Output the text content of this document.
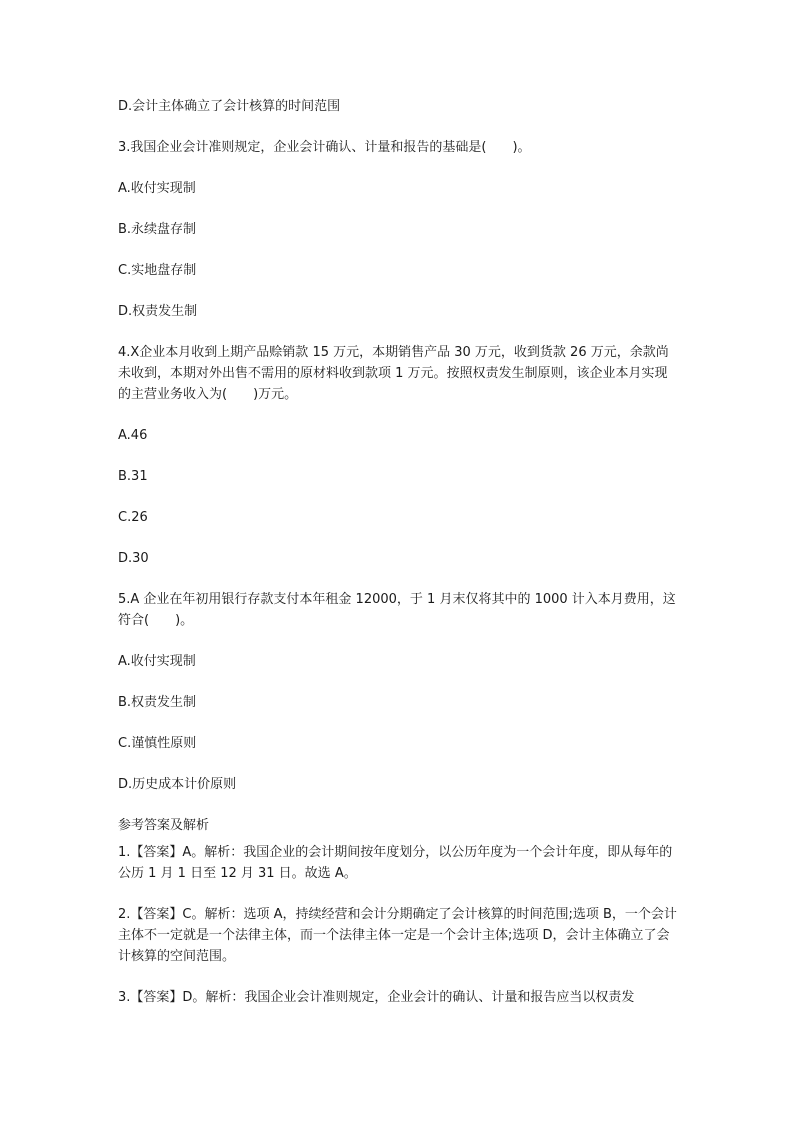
D.会计主体确立了会计核算的时间范围

3.我国企业会计准则规定，企业会计确认、计量和报告的基础是(　　)。

A.收付实现制

B.永续盘存制

C.实地盘存制

D.权责发生制

4.X企业本月收到上期产品赊销款 15 万元，本期销售产品 30 万元，收到货款 26 万元，余款尚未收到，本期对外出售不需用的原材料收到款项 1 万元。按照权责发生制原则，该企业本月实现的主营业务收入为(　　)万元。

A.46

B.31

C.26

D.30

5.A 企业在年初用银行存款支付本年租金 12000，于 1 月末仅将其中的 1000 计入本月费用，这符合(　　)。

A.收付实现制

B.权责发生制

C.谨慎性原则

D.历史成本计价原则

参考答案及解析

1.【答案】A。解析：我国企业的会计期间按年度划分，以公历年度为一个会计年度，即从每年的公历 1 月 1 日至 12 月 31 日。故选 A。

2.【答案】C。解析：选项 A，持续经营和会计分期确定了会计核算的时间范围;选项 B，一个会计主体不一定就是一个法律主体，而一个法律主体一定是一个会计主体;选项 D，会计主体确立了会计核算的空间范围。

3.【答案】D。解析：我国企业会计准则规定，企业会计的确认、计量和报告应当以权责发
